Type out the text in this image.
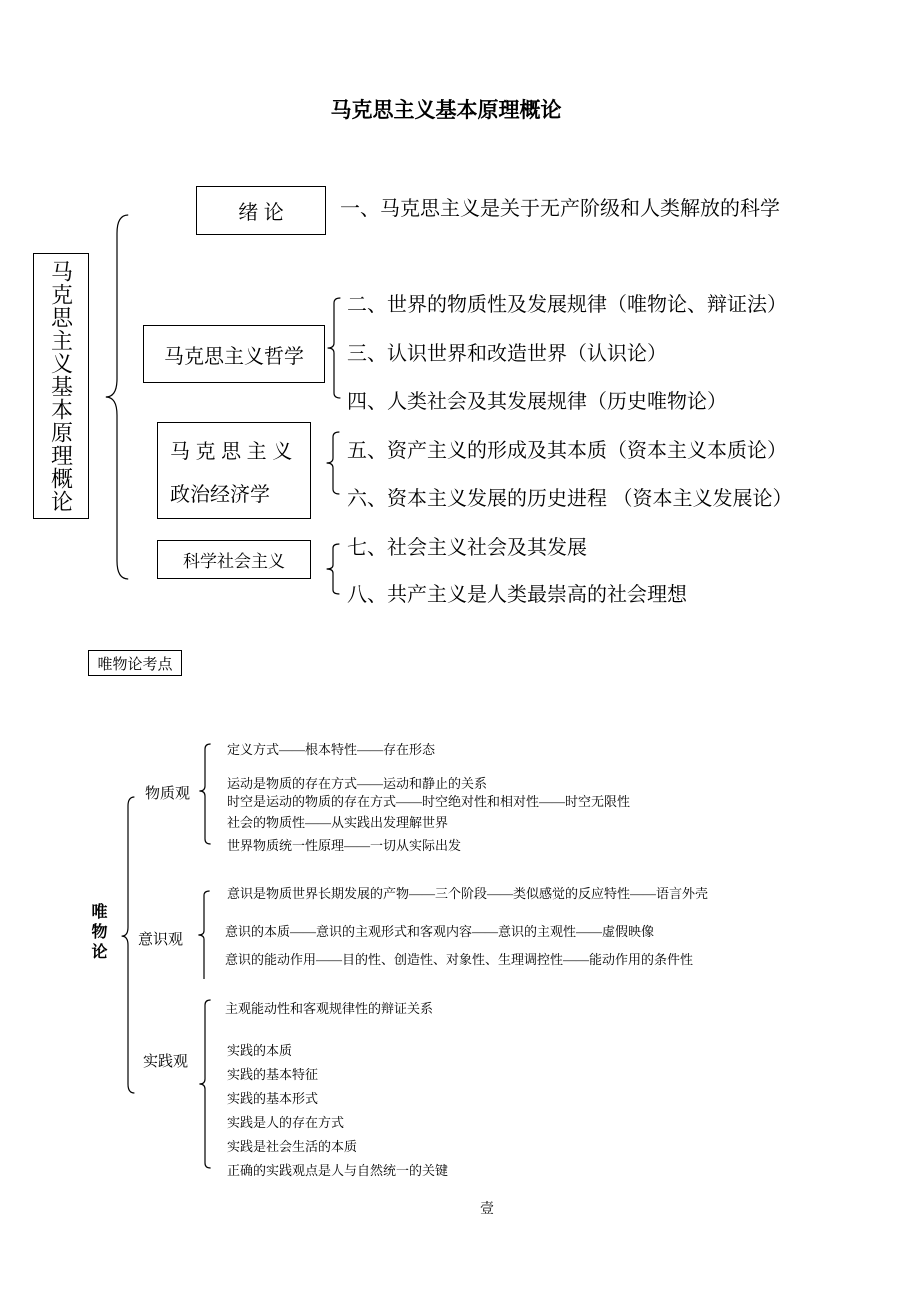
马克思主义基本原理概论
马克思主义基本原理概论
绪 论	一、马克思主义是关于无产阶级和人类解放的科学
马克思主义哲学
二、世界的物质性及发展规律（唯物论、辩证法）
三、认识世界和改造世界（认识论）
四、人类社会及其发展规律（历史唯物论）
马 克 思 主 义
政治经济学
五、资产主义的形成及其本质（资本主义本质论）
六、资本主义发展的历史进程 （资本主义发展论）
科学社会主义
七、社会主义社会及其发展
八、共产主义是人类最崇高的社会理想
唯物论考点
唯物论
物质观
定义方式——根本特性——存在形态
运动是物质的存在方式——运动和静止的关系
时空是运动的物质的存在方式——时空绝对性和相对性——时空无限性
社会的物质性——从实践出发理解世界
世界物质统一性原理——一切从实际出发
意识观
意识是物质世界长期发展的产物——三个阶段——类似感觉的反应特性——语言外壳
意识的本质——意识的主观形式和客观内容——意识的主观性——虚假映像
意识的能动作用——目的性、创造性、对象性、生理调控性——能动作用的条件性
实践观
主观能动性和客观规律性的辩证关系
实践的本质
实践的基本特征
实践的基本形式
实践是人的存在方式
实践是社会生活的本质
正确的实践观点是人与自然统一的关键
壹
